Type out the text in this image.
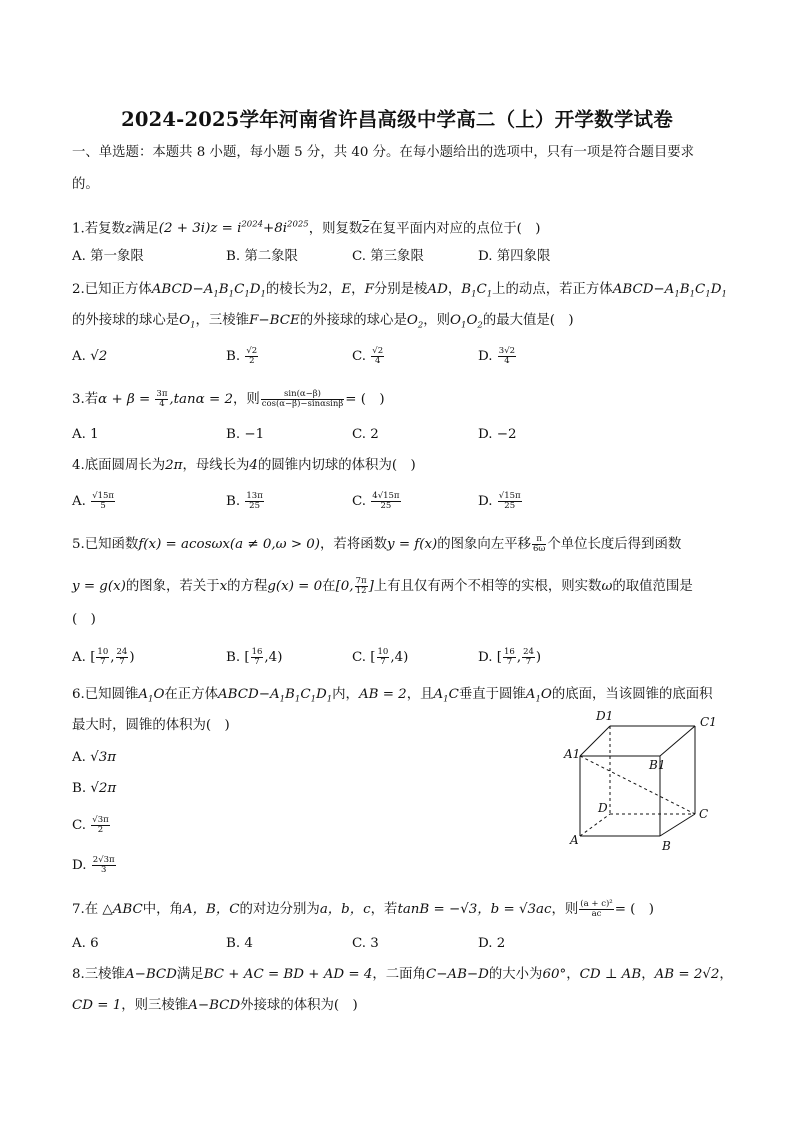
2024-2025学年河南省许昌高级中学高二（上）开学数学试卷
一、单选题：本题共 8 小题，每小题 5 分，共 40 分。在每小题给出的选项中，只有一项是符合题目要求
的。
1.若复数z满足$(2 + 3i)z = i^{2024}+8i^{2025}$，则复数$\overline{z}$在复平面内对应的点位于( )
A. 第一象限	B. 第二象限	C. 第三象限	D. 第四象限
2.已知正方体$ABCD-A_1B_1C_1D_1$的棱长为2，E，F分别是棱AD，$B_1C_1$上的动点，若正方体$ABCD-A_1B_1C_1D_1$
的外接球的球心是$O_1$，三棱锥F−BCE的外接球的球心是$O_2$，则$O_1O_2$的最大值是( )
A. √2	B. $\frac{√2}{2}$	C. $\frac{√2}{4}$	D. $\frac{3√2}{4}$
3.若$\alpha + \beta = \frac{3\pi}{4} ,\tan\alpha = 2$，则 $\frac{\sin(\alpha-\beta)}{\cos(\alpha-\beta)-\sin\alpha\sin\beta}$ = ( )
A. 1	B. −1	C. 2	D. −2
4.底面圆周长为2π，母线长为4的圆锥内切球的体积为( )
A. $\frac{√15\pi}{5}$	B. $\frac{13\pi}{25}$	C. $\frac{4√15\pi}{25}$	D. $\frac{√15\pi}{25}$
5.已知函数f(x) = acosωx(a ≠ 0,ω > 0)，若将函数y = f(x)的图象向左平移 $\frac{\pi}{6\omega}$ 个单位长度后得到函数
y = g(x)的图象，若关于x的方程g(x) = 0在[0, $\frac{7\pi}{12}$ ]上有且仅有两个不相等的实根，则实数ω的取值范围是
( )
A. [ $\frac{10}{7}$ , $\frac{24}{7}$ )	B. [ $\frac{16}{7} ,4$)	C. [ $\frac{10}{7} ,4$)	D. [ $\frac{16}{7}$ , $\frac{24}{7}$ )
6.已知圆锥$A_1O$在正方体$ABCD-A_1B_1C_1D_1$内，AB = 2，且$A_1C$垂直于圆锥$A_1O$的底面，当该圆锥的底面积
最大时，圆锥的体积为( )
A. √3π
B. √2π
C. $\frac{√3\pi}{2}$
D. $\frac{2√3\pi}{3}$
D1	C1
A1
B1
D	C
A	B
7.在 △ABC中，角A，B，C的对边分别为a，b，c，若tanB = −√3，b = √3ac，则 $\frac{\text{(a + c)²}}{ac}$ = ( )
A. 6	B. 4	C. 3	D. 2
8.三棱锥A−BCD满足BC + AC = BD + AD = 4，二面角C−AB−D的大小为60°，CD ⊥ AB，AB = 2√2，
CD = 1，则三棱锥A−BCD外接球的体积为( )
